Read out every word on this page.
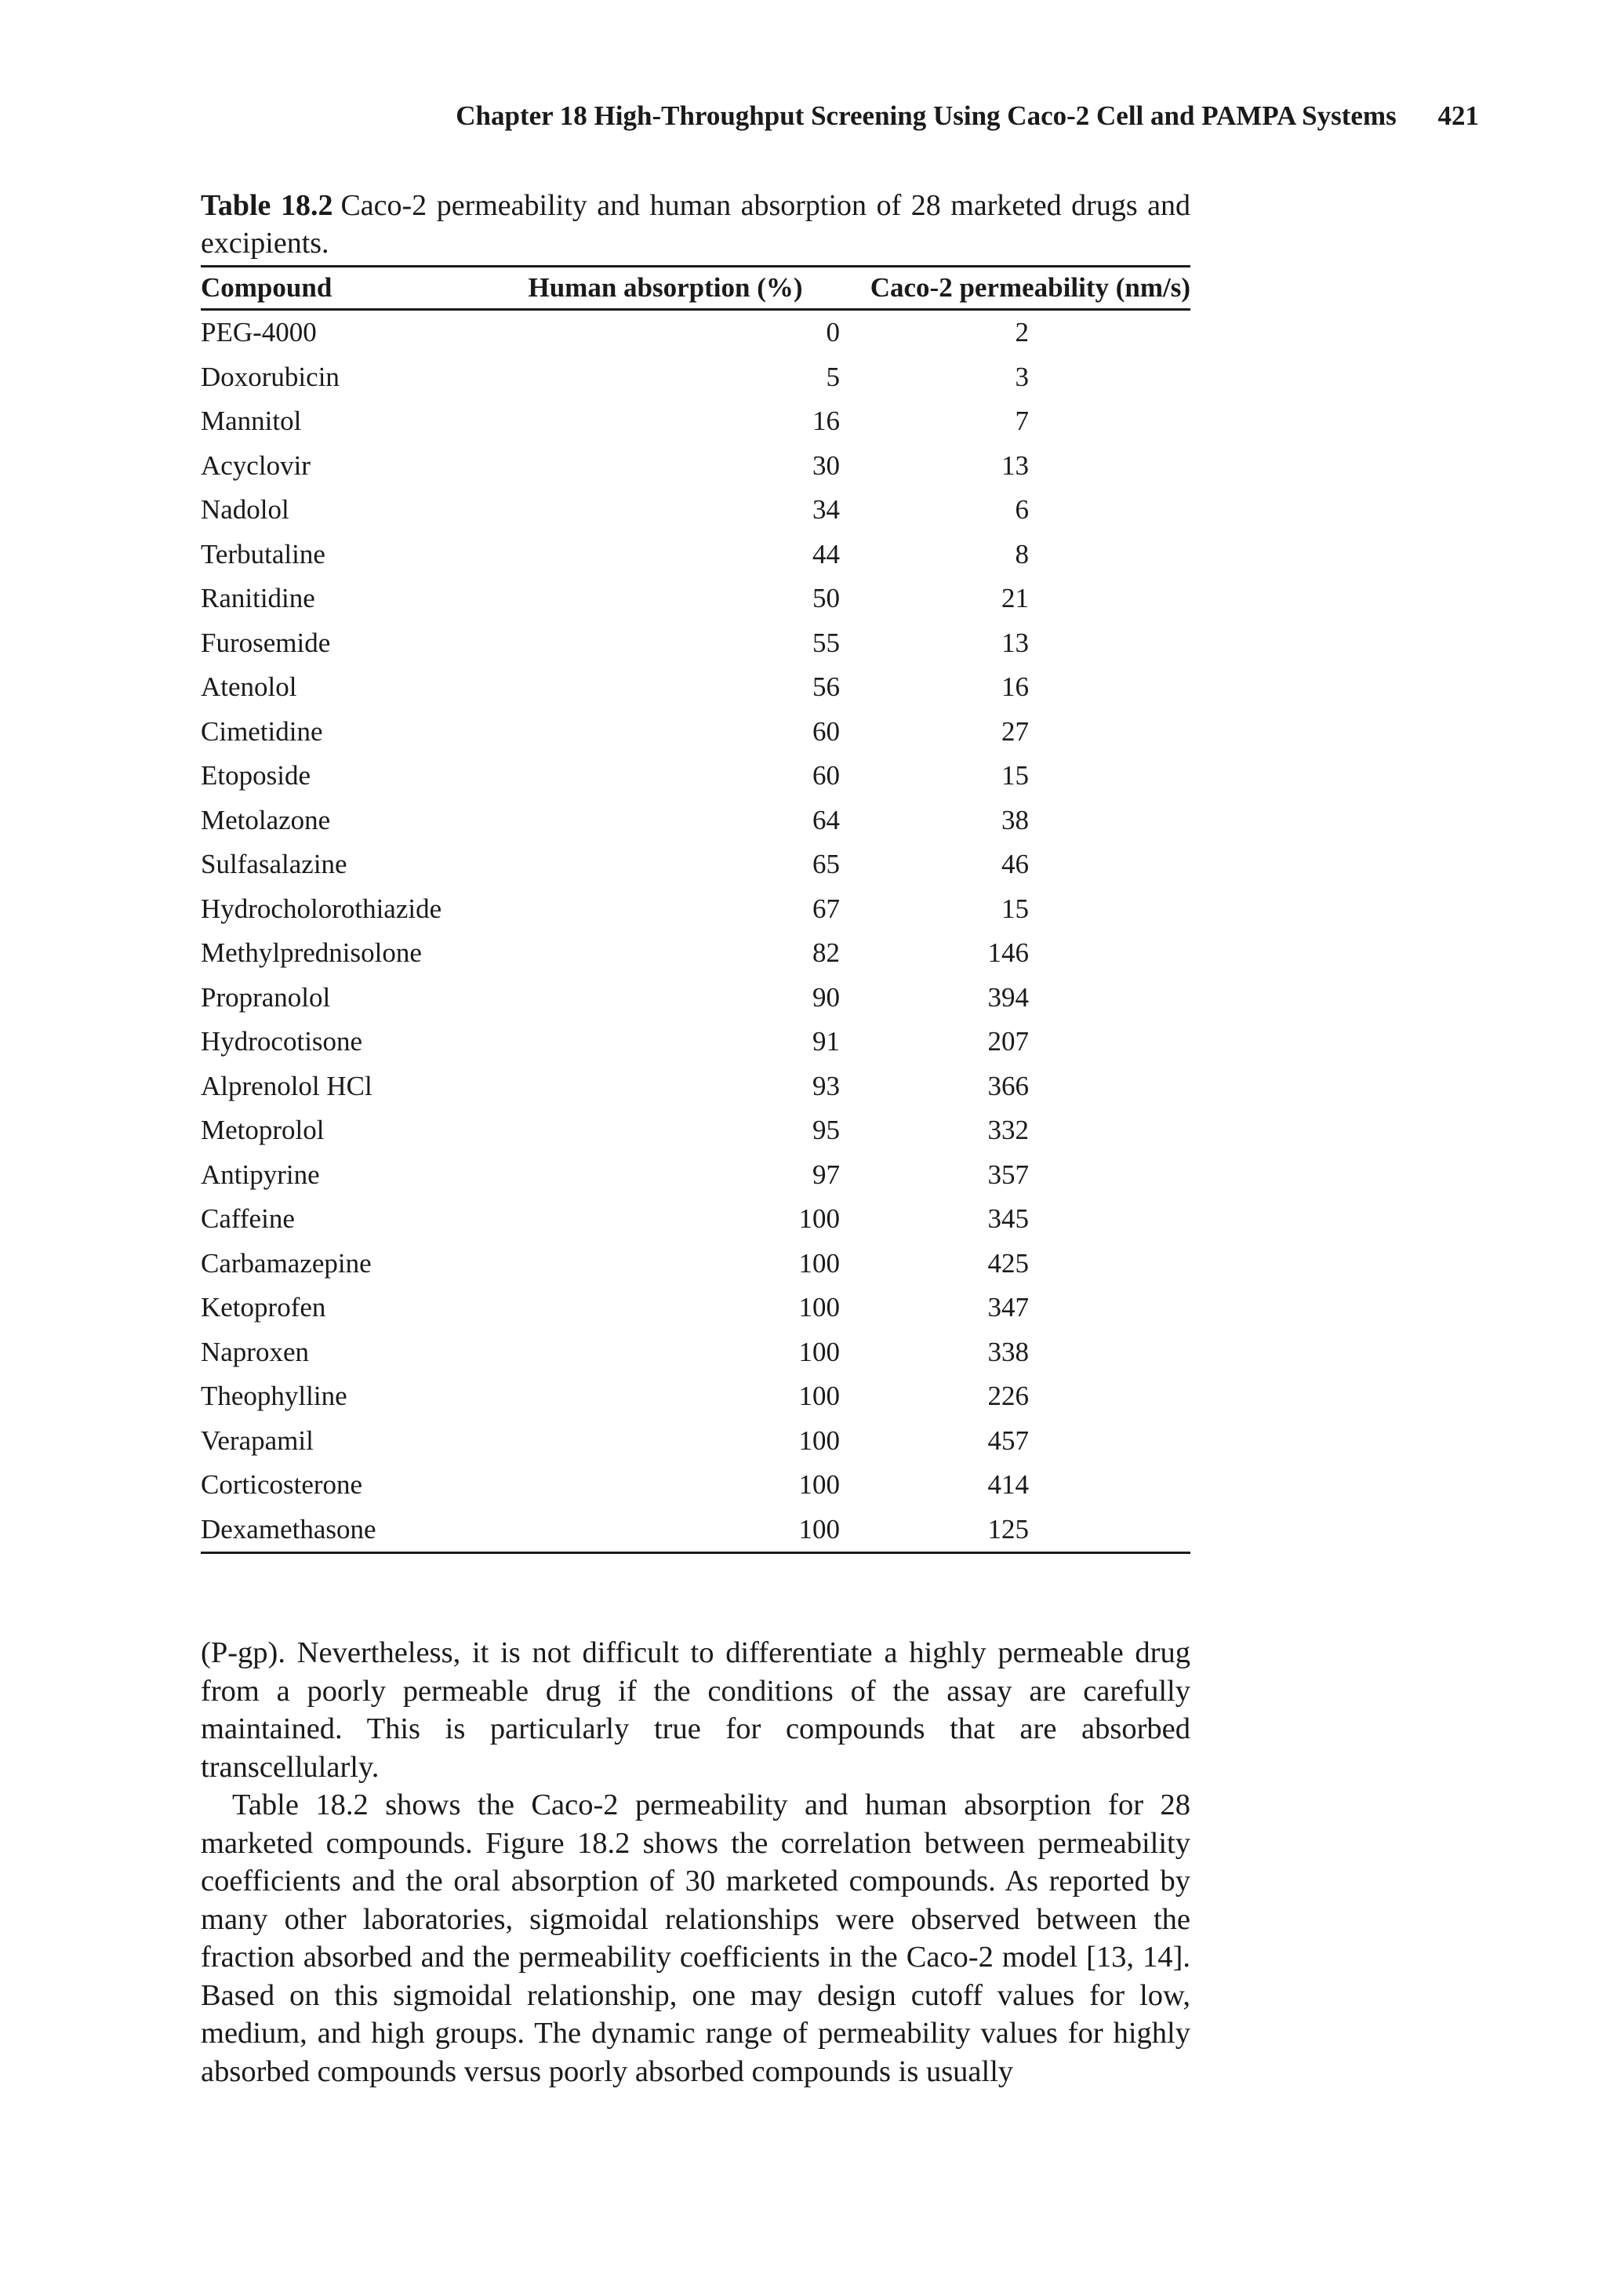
Chapter 18 High-Throughput Screening Using Caco-2 Cell and PAMPA Systems 421
Table 18.2 Caco-2 permeability and human absorption of 28 marketed drugs and excipients.
Compound	Human absorption (%)	Caco-2 permeability (nm/s)
PEG-4000	0	2
Doxorubicin	5	3
Mannitol	16	7
Acyclovir	30	13
Nadolol	34	6
Terbutaline	44	8
Ranitidine	50	21
Furosemide	55	13
Atenolol	56	16
Cimetidine	60	27
Etoposide	60	15
Metolazone	64	38
Sulfasalazine	65	46
Hydrocholorothiazide	67	15
Methylprednisolone	82	146
Propranolol	90	394
Hydrocotisone	91	207
Alprenolol HCl	93	366
Metoprolol	95	332
Antipyrine	97	357
Caffeine	100	345
Carbamazepine	100	425
Ketoprofen	100	347
Naproxen	100	338
Theophylline	100	226
Verapamil	100	457
Corticosterone	100	414
Dexamethasone	100	125

(P-gp). Nevertheless, it is not difficult to differentiate a highly permeable drug from a poorly permeable drug if the conditions of the assay are carefully maintained. This is particularly true for compounds that are absorbed transcellularly.

Table 18.2 shows the Caco-2 permeability and human absorption for 28 marketed compounds. Figure 18.2 shows the correlation between permeability coefficients and the oral absorption of 30 marketed compounds. As reported by many other laboratories, sigmoidal relationships were observed between the fraction absorbed and the permeability coefficients in the Caco-2 model [13, 14]. Based on this sigmoidal relationship, one may design cutoff values for low, medium, and high groups. The dynamic range of permeability values for highly absorbed compounds versus poorly absorbed compounds is usually
